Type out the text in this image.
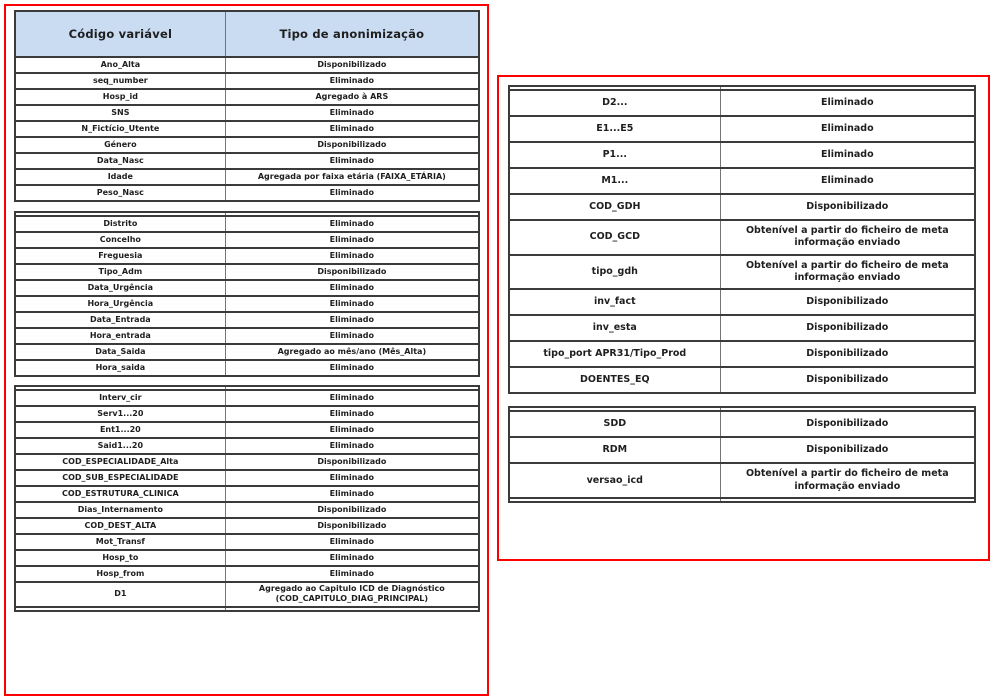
Código variável	Tipo de anonimização
Ano_Alta	Disponibilizado
seq_number	Eliminado
Hosp_id	Agregado à ARS
SNS	Eliminado
N_Fictício_Utente	Eliminado
Género	Disponibilizado
Data_Nasc	Eliminado
Idade	Agregada por faixa etária (FAIXA_ETÁRIA)
Peso_Nasc	Eliminado

Distrito	Eliminado
Concelho	Eliminado
Freguesia	Eliminado
Tipo_Adm	Disponibilizado
Data_Urgência	Eliminado
Hora_Urgência	Eliminado
Data_Entrada	Eliminado
Hora_entrada	Eliminado
Data_Saida	Agregado ao mês/ano (Mês_Alta)
Hora_saida	Eliminado

Interv_cir	Eliminado
Serv1...20	Eliminado
Ent1...20	Eliminado
Said1...20	Eliminado
COD_ESPECIALIDADE_Alta	Disponibilizado
COD_SUB_ESPECIALIDADE	Eliminado
COD_ESTRUTURA_CLINICA	Eliminado
Dias_Internamento	Disponibilizado
COD_DEST_ALTA	Disponibilizado
Mot_Transf	Eliminado
Hosp_to	Eliminado
Hosp_from	Eliminado
D1	Agregado ao Capitulo ICD de Diagnóstico (COD_CAPITULO_DIAG_PRINCIPAL)

D2...	Eliminado
E1...E5	Eliminado
P1...	Eliminado
M1...	Eliminado
COD_GDH	Disponibilizado
COD_GCD	Obtenível a partir do ficheiro de meta informação enviado
tipo_gdh	Obtenível a partir do ficheiro de meta informação enviado
inv_fact	Disponibilizado
inv_esta	Disponibilizado
tipo_port APR31/Tipo_Prod	Disponibilizado
DOENTES_EQ	Disponibilizado

SDD	Disponibilizado
RDM	Disponibilizado
versao_icd	Obtenível a partir do ficheiro de meta informação enviado
